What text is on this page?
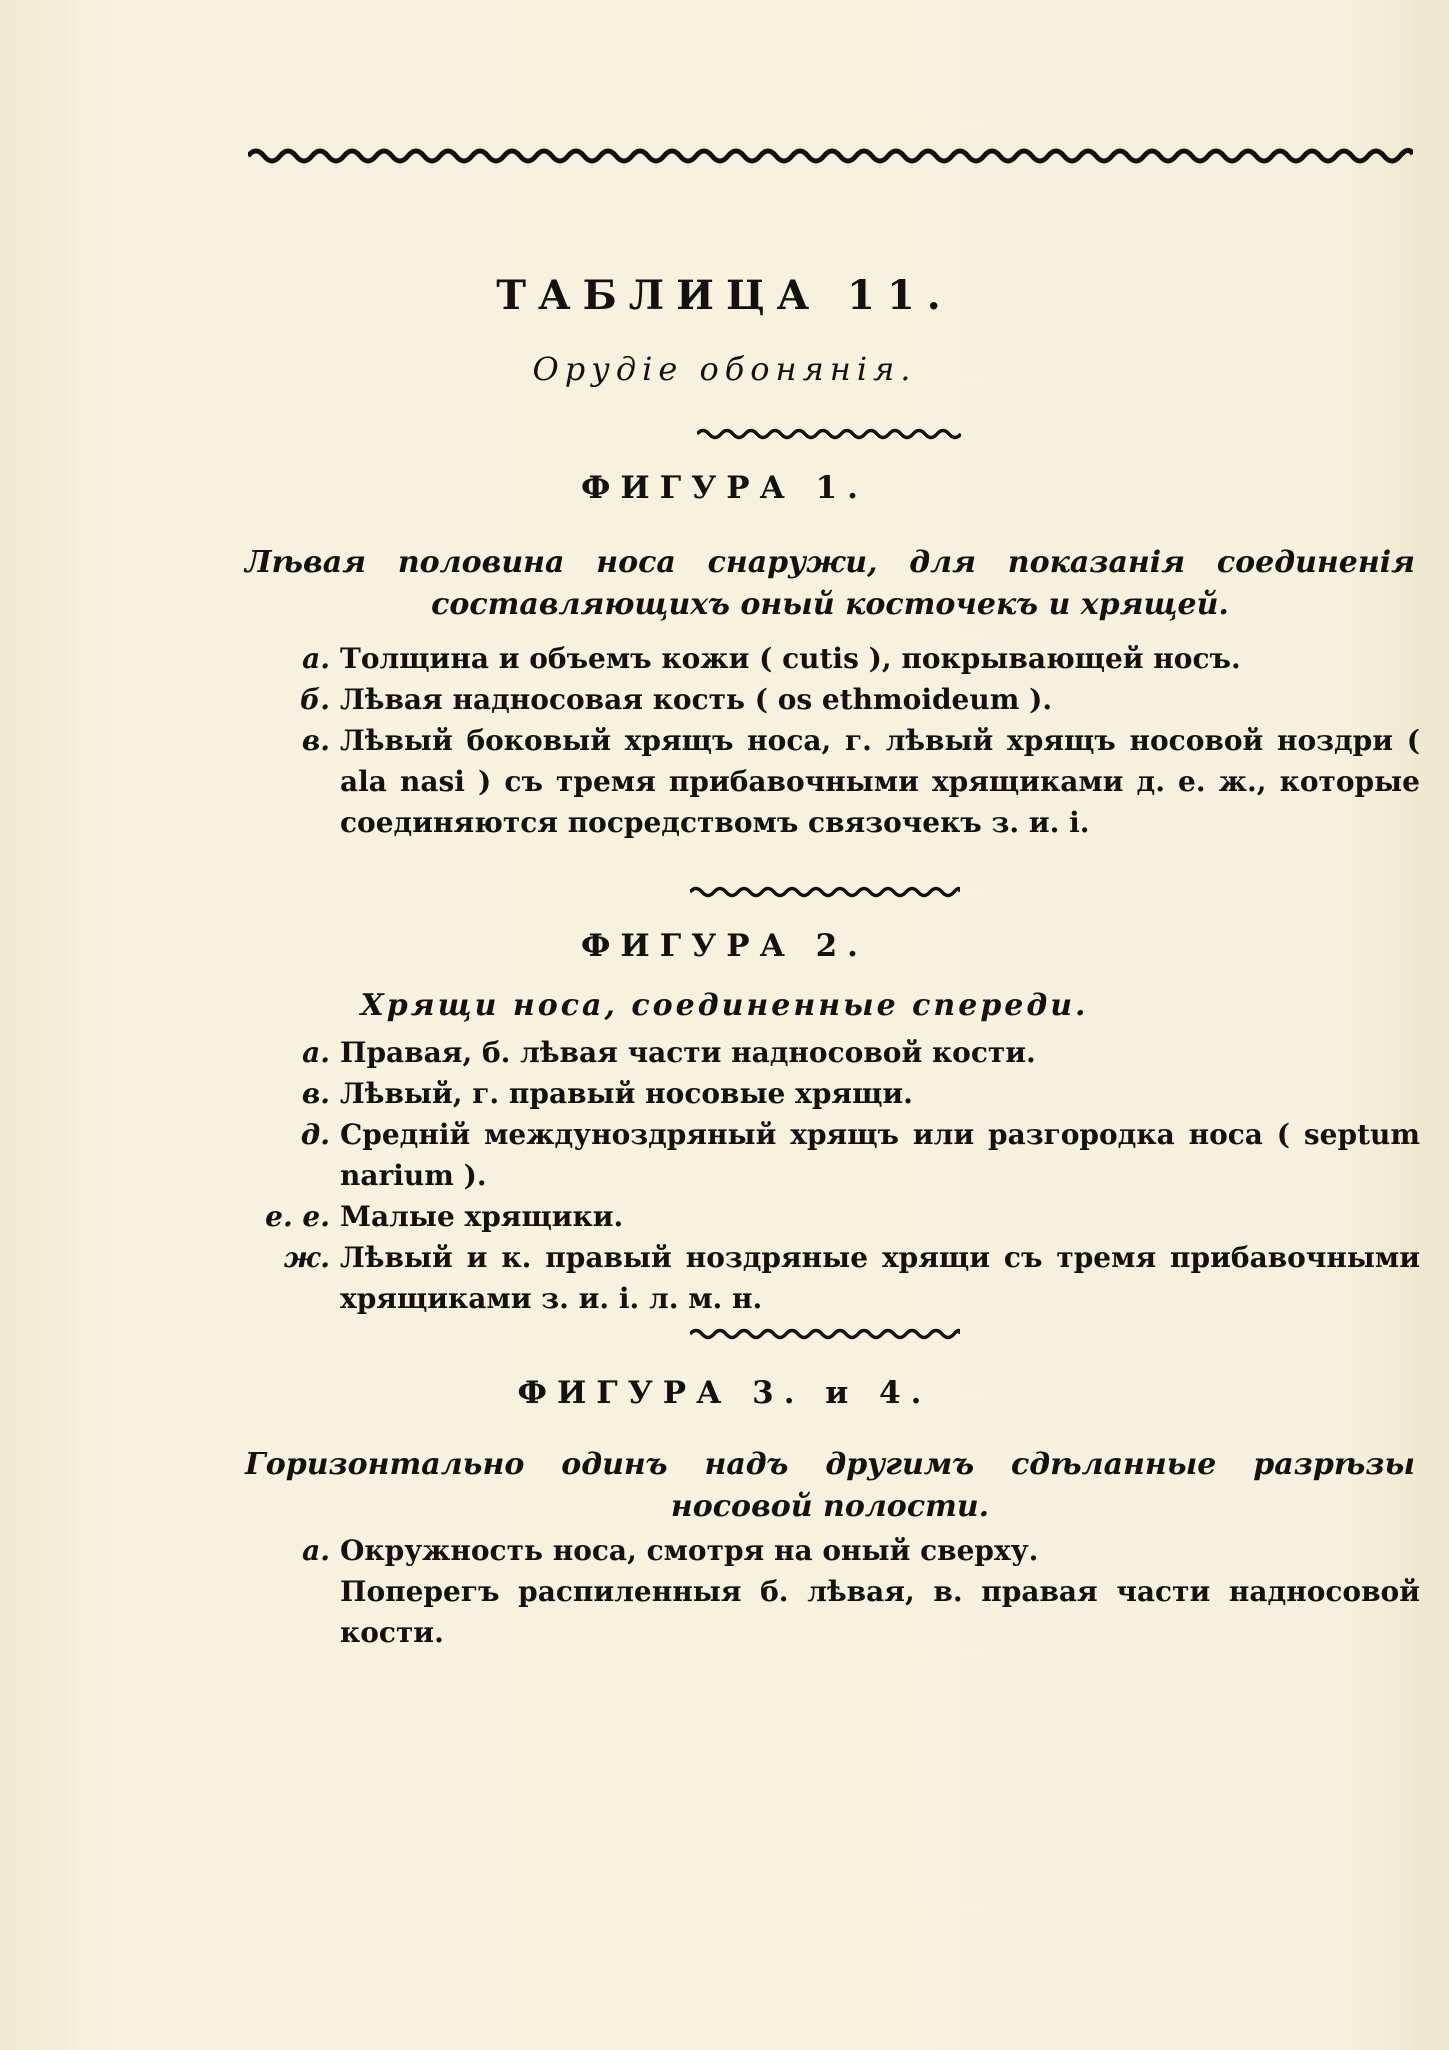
ТАБЛИЦА 11.
Орудіе обонянія.
ФИГУРА 1.
Лѣвая половина носа снаружи, для показанія соединенія составляющихъ оный косточекъ и хрящей.
а. Толщина и объемъ кожи ( cutis ), покрывающей носъ.
б. Лѣвая надносовая кость ( os ethmoideum ).
в. Лѣвый боковый хрящъ носа, г. лѣвый хрящъ носовой ноздри ( ala nasi ) съ тремя прибавочными хрящиками д. е. ж., которые соединяются посредствомъ связочекъ з. и. і.
ФИГУРА 2.
Хрящи носа, соединенные спереди.
а. Правая, б. лѣвая части надносовой кости.
в. Лѣвый, г. правый носовые хрящи.
д. Среднiй междуноздряный хрящъ или разгородка носа ( septum narium ).
е. е. Малые хрящики.
ж. Лѣвый и к. правый ноздряные хрящи съ тремя прибавочными хрящиками з. и. і. л. м. н.
ФИГУРА 3. и 4.
Горизонтально одинъ надъ другимъ сдѣланные разрѣзы носовой полости.
а. Окружность носа, смотря на оный сверху.
Поперегъ распиленныя б. лѣвая, в. правая части надносовой кости.
